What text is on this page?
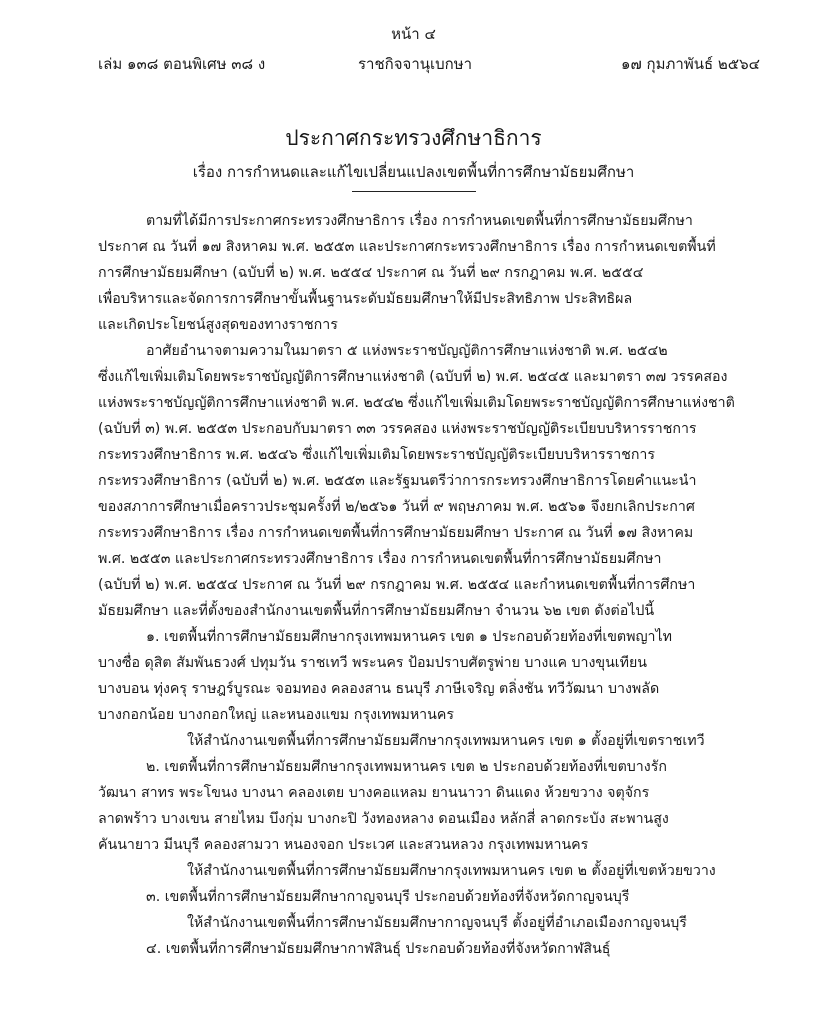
หน้า ๔
เล่ม ๑๓๘ ตอนพิเศษ ๓๘ ง	ราชกิจจานุเบกษา	๑๗ กุมภาพันธ์ ๒๕๖๔
ประกาศกระทรวงศึกษาธิการ
เรื่อง การกำหนดและแก้ไขเปลี่ยนแปลงเขตพื้นที่การศึกษามัธยมศึกษา
ตามที่ได้มีการประกาศกระทรวงศึกษาธิการ เรื่อง การกำหนดเขตพื้นที่การศึกษามัธยมศึกษา
ประกาศ ณ วันที่ ๑๗ สิงหาคม พ.ศ. ๒๕๕๓ และประกาศกระทรวงศึกษาธิการ เรื่อง การกำหนดเขตพื้นที่
การศึกษามัธยมศึกษา (ฉบับที่ ๒) พ.ศ. ๒๕๕๔ ประกาศ ณ วันที่ ๒๙ กรกฎาคม พ.ศ. ๒๕๕๔
เพื่อบริหารและจัดการการศึกษาขั้นพื้นฐานระดับมัธยมศึกษาให้มีประสิทธิภาพ ประสิทธิผล
และเกิดประโยชน์สูงสุดของทางราชการ
อาศัยอำนาจตามความในมาตรา ๕ แห่งพระราชบัญญัติการศึกษาแห่งชาติ พ.ศ. ๒๕๔๒
ซึ่งแก้ไขเพิ่มเติมโดยพระราชบัญญัติการศึกษาแห่งชาติ (ฉบับที่ ๒) พ.ศ. ๒๕๔๕ และมาตรา ๓๗ วรรคสอง
แห่งพระราชบัญญัติการศึกษาแห่งชาติ พ.ศ. ๒๕๔๒ ซึ่งแก้ไขเพิ่มเติมโดยพระราชบัญญัติการศึกษาแห่งชาติ
(ฉบับที่ ๓) พ.ศ. ๒๕๕๓ ประกอบกับมาตรา ๓๓ วรรคสอง แห่งพระราชบัญญัติระเบียบบริหารราชการ
กระทรวงศึกษาธิการ พ.ศ. ๒๕๔๖ ซึ่งแก้ไขเพิ่มเติมโดยพระราชบัญญัติระเบียบบริหารราชการ
กระทรวงศึกษาธิการ (ฉบับที่ ๒) พ.ศ. ๒๕๕๓ และรัฐมนตรีว่าการกระทรวงศึกษาธิการโดยคำแนะนำ
ของสภาการศึกษาเมื่อคราวประชุมครั้งที่ ๒/๒๕๖๑ วันที่ ๙ พฤษภาคม พ.ศ. ๒๕๖๑ จึงยกเลิกประกาศ
กระทรวงศึกษาธิการ เรื่อง การกำหนดเขตพื้นที่การศึกษามัธยมศึกษา ประกาศ ณ วันที่ ๑๗ สิงหาคม
พ.ศ. ๒๕๕๓ และประกาศกระทรวงศึกษาธิการ เรื่อง การกำหนดเขตพื้นที่การศึกษามัธยมศึกษา
(ฉบับที่ ๒) พ.ศ. ๒๕๕๔ ประกาศ ณ วันที่ ๒๙ กรกฎาคม พ.ศ. ๒๕๕๔ และกำหนดเขตพื้นที่การศึกษา
มัธยมศึกษา และที่ตั้งของสำนักงานเขตพื้นที่การศึกษามัธยมศึกษา จำนวน ๖๒ เขต ดังต่อไปนี้
๑. เขตพื้นที่การศึกษามัธยมศึกษากรุงเทพมหานคร เขต ๑ ประกอบด้วยท้องที่เขตพญาไท
บางซื่อ ดุสิต สัมพันธวงศ์ ปทุมวัน ราชเทวี พระนคร ป้อมปราบศัตรูพ่าย บางแค บางขุนเทียน
บางบอน ทุ่งครุ ราษฎร์บูรณะ จอมทอง คลองสาน ธนบุรี ภาษีเจริญ ตลิ่งชัน ทวีวัฒนา บางพลัด
บางกอกน้อย บางกอกใหญ่ และหนองแขม กรุงเทพมหานคร
ให้สำนักงานเขตพื้นที่การศึกษามัธยมศึกษากรุงเทพมหานคร เขต ๑ ตั้งอยู่ที่เขตราชเทวี
๒. เขตพื้นที่การศึกษามัธยมศึกษากรุงเทพมหานคร เขต ๒ ประกอบด้วยท้องที่เขตบางรัก
วัฒนา สาทร พระโขนง บางนา คลองเตย บางคอแหลม ยานนาวา ดินแดง ห้วยขวาง จตุจักร
ลาดพร้าว บางเขน สายไหม บึงกุ่ม บางกะปิ วังทองหลาง ดอนเมือง หลักสี่ ลาดกระบัง สะพานสูง
คันนายาว มีนบุรี คลองสามวา หนองจอก ประเวศ และสวนหลวง กรุงเทพมหานคร
ให้สำนักงานเขตพื้นที่การศึกษามัธยมศึกษากรุงเทพมหานคร เขต ๒ ตั้งอยู่ที่เขตห้วยขวาง
๓. เขตพื้นที่การศึกษามัธยมศึกษากาญจนบุรี ประกอบด้วยท้องที่จังหวัดกาญจนบุรี
ให้สำนักงานเขตพื้นที่การศึกษามัธยมศึกษากาญจนบุรี ตั้งอยู่ที่อำเภอเมืองกาญจนบุรี
๔. เขตพื้นที่การศึกษามัธยมศึกษากาฬสินธุ์ ประกอบด้วยท้องที่จังหวัดกาฬสินธุ์
